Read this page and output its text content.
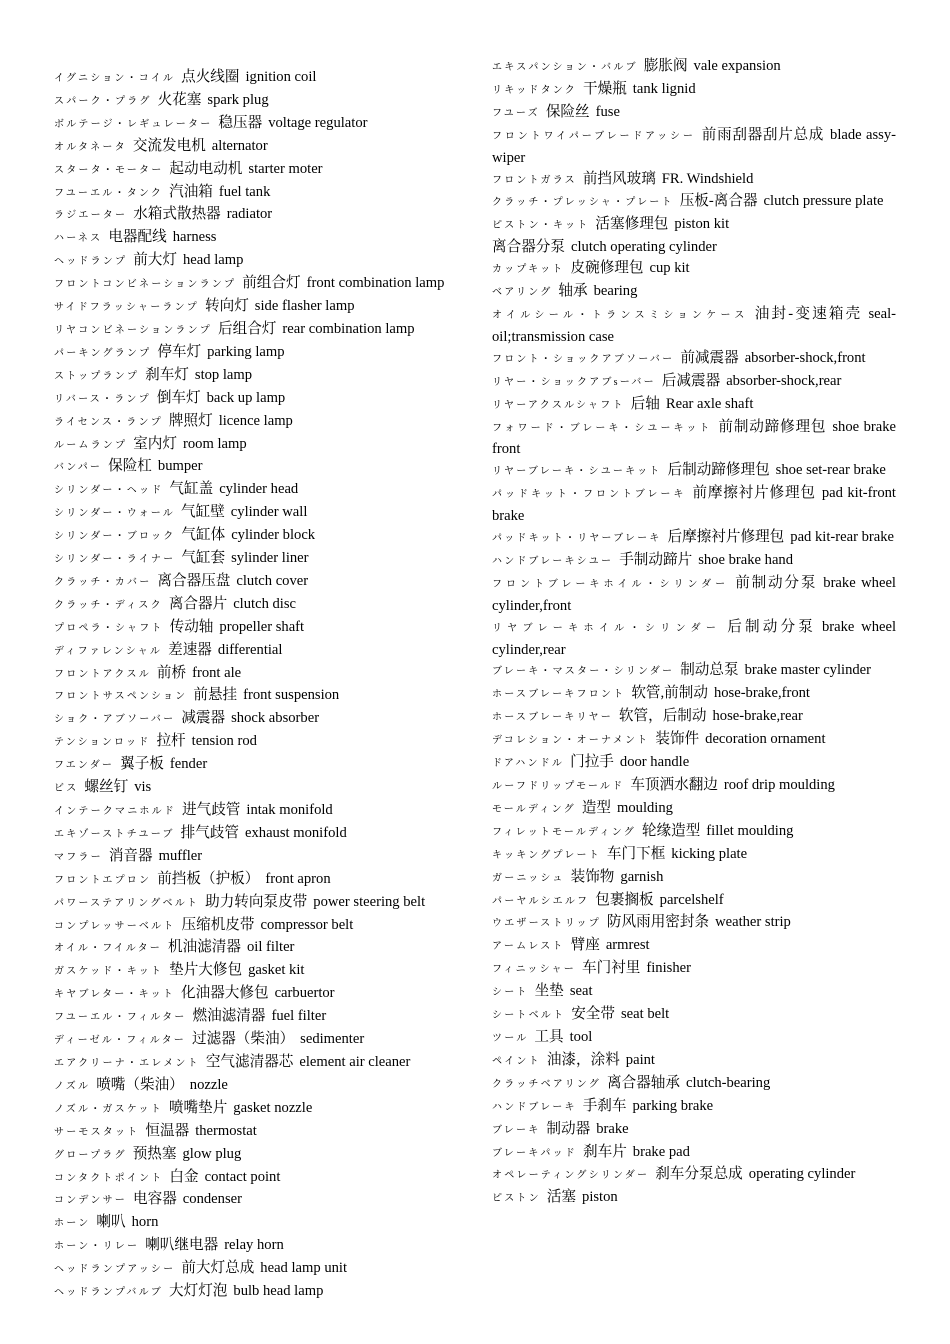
イグニション・コイル 点火线圈 ignition coil
スパーク・プラグ 火花塞 spark plug
ボルテージ・レギュレーター 稳压器 voltage regulator
オルタネータ 交流发电机 alternator
スタータ・モーター 起动电动机 starter moter
フユーエル・タンク 汽油箱 fuel tank
ラジエーター 水箱式散热器 radiator
ハーネス 电器配线 harness
ヘッドランプ 前大灯 head lamp
フロントコンビネーションランプ 前组合灯 front combination lamp
サイドフラッシャーランプ 转向灯 side flasher lamp
リヤコンビネーションランプ 后组合灯 rear combination lamp
パーキングランプ 停车灯 parking lamp
ストップランプ 刹车灯 stop lamp
リバース・ランプ 倒车灯 back up lamp
ライセンス・ランプ 牌照灯 licence lamp
ルームランプ 室内灯 room lamp
バンパー 保险杠 bumper
シリンダー・ヘッド 气缸盖 cylinder head
シリンダー・ウォール 气缸壁 cylinder wall
シリンダー・ブロック 气缸体 cylinder block
シリンダー・ライナー 气缸套 sylinder liner
クラッチ・カバー 离合器压盘 clutch cover
クラッチ・ディスク 离合器片 clutch disc
プロペラ・シャフト 传动轴 propeller shaft
ディファレンシャル 差速器 differential
フロントアクスル 前桥 front ale
フロントサスペンション 前悬挂 front suspension
ショク・アブソーバー 减震器 shock absorber
テンションロッド 拉杆 tension rod
フエンダー 翼子板 fender
ビス 螺丝钉 vis
インテークマニホルド 进气歧管 intak monifold
エキゾーストチユーブ 排气歧管 exhaust monifold
マフラー 消音器 muffler
フロントエプロン 前挡板（护板） front apron
パワーステアリングベルト 助力转向泵皮带 power steering belt
コンプレッサーベルト 压缩机皮带 compressor belt
オイル・フイルター 机油滤清器 oil filter
ガスケッド・キット 垫片大修包 gasket kit
キヤブレター・キット 化油器大修包 carbuertor
フユーエル・フィルター 燃油滤清器 fuel filter
ディーゼル・フィルター 过滤器（柴油） sedimenter
エアクリーナ・エレメント 空气滤清器芯 element air cleaner
ノズル 喷嘴（柴油） nozzle
ノズル・ガスケット 喷嘴垫片 gasket nozzle
サーモスタット 恒温器 thermostat
グロープラグ 预热塞 glow plug
コンタクトポイント 白金 contact point
コンデンサー 电容器 condenser
ホーン 喇叭 horn
ホーン・リレー 喇叭继电器 relay horn
ヘッドランプアッシー 前大灯总成 head lamp unit
ヘッドランプバルブ 大灯灯泡 bulb head lamp
エキスパンション・バルブ 膨胀阀 vale expansion
リキッドタンク 干燥瓶 tank lignid
フユーズ 保险丝 fuse
フロントワイパーブレードアッシー 前雨刮器刮片总成 blade assy-wiper
フロントガラス 前挡风玻璃 FR. Windshield
クラッチ・プレッシャ・プレート 压板-离合器 clutch pressure plate
ピストン・キット 活塞修理包 piston kit
离合器分泵 clutch operating cylinder
カップキット 皮碗修理包 cup kit
ベアリング 轴承 bearing
オイルシール・トランスミションケース 油封-变速箱壳 seal-oil;transmission case
フロント・ショックアブソーバー 前减震器 absorber-shock,front
リヤー・ショックアブsーバー 后减震器 absorber-shock,rear
リヤーアクスルシャフト 后轴 Rear axle shaft
フォワード・ブレーキ・シユーキット 前制动蹄修理包 shoe brake front
リヤーブレーキ・シユーキット 后制动蹄修理包 shoe set-rear brake
パッドキット・フロントブレーキ 前摩擦衬片修理包 pad kit-front brake
パッドキット・リヤーブレーキ 后摩擦衬片修理包 pad kit-rear brake
ハンドブレーキシユー 手制动蹄片 shoe brake hand
フロントブレーキホイル・シリンダー 前制动分泵 brake wheel cylinder,front
リヤブレーキホイル・シリンダー 后制动分泵 brake wheel cylinder,rear
ブレーキ・マスター・シリンダー 制动总泵 brake master cylinder
ホースブレーキフロント 软管,前制动 hose-brake,front
ホースブレーキリヤー 软管，后制动 hose-brake,rear
デコレション・オーナメント 装饰件 decoration ornament
ドアハンドル 门拉手 door handle
ルーフドリップモールド 车顶洒水翻边 roof drip moulding
モールディング 造型 moulding
フィレットモールディング 轮缘造型 fillet moulding
キッキングプレート 车门下框 kicking plate
ガーニッシュ 装饰物 garnish
パーヤルシエルフ 包裹搁板 parcelshelf
ウエザーストリップ 防风雨用密封条 weather strip
アームレスト 臂座 armrest
フィニッシャー 车门衬里 finisher
シート 坐垫 seat
シートベルト 安全带 seat belt
ツール 工具 tool
ペイント 油漆，涂料 paint
クラッチベアリング 离合器轴承 clutch-bearing
ハンドブレーキ 手刹车 parking brake
ブレーキ 制动器 brake
ブレーキパッド 刹车片 brake pad
オペレーティングシリンダー 刹车分泵总成 operating cylinder
ピストン 活塞 piston
